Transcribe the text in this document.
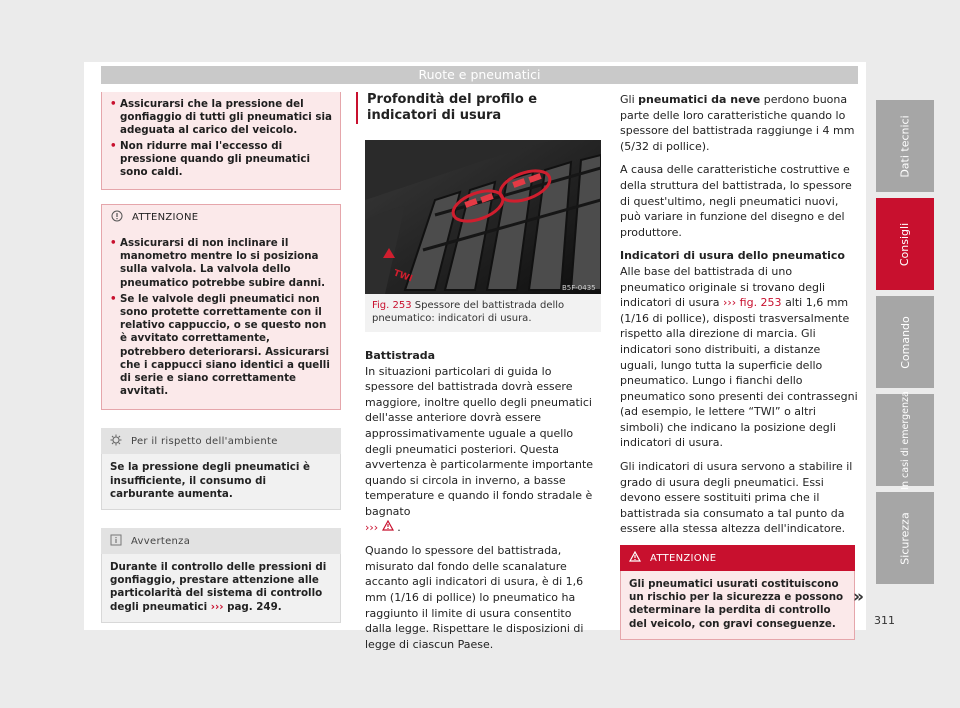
Ruote e pneumatici
• Assicurarsi che la pressione del gonfiaggio di tutti gli pneumatici sia adeguata al carico del veicolo.
• Non ridurre mai l'eccesso di pressione quando gli pneumatici sono caldi.
ATTENZIONE
• Assicurarsi di non inclinare il manometro mentre lo si posiziona sulla valvola. La valvola dello pneumatico potrebbe subire danni.
• Se le valvole degli pneumatici non sono protette correttamente con il relativo cappuccio, o se questo non è avvitato correttamente, potrebbero deteriorarsi. Assicurarsi che i cappucci siano identici a quelli di serie e siano correttamente avvitati.
Per il rispetto dell'ambiente
Se la pressione degli pneumatici è insufficiente, il consumo di carburante aumenta.
Avvertenza
Durante il controllo delle pressioni di gonfiaggio, prestare attenzione alle particolarità del sistema di controllo degli pneumatici ››› pag. 249.
Profondità del profilo e indicatori di usura
TWI
B5F-0435
Fig. 253 Spessore del battistrada dello pneumatico: indicatori di usura.
Battistrada

In situazioni particolari di guida lo spessore del battistrada dovrà essere maggiore, inoltre quello degli pneumatici dell'asse anteriore dovrà essere approssimativamente uguale a quello degli pneumatici posteriori. Questa avvertenza è particolarmente importante quando si circola in inverno, a basse temperature e quando il fondo stradale è bagnato
››› .

Quando lo spessore del battistrada, misurato dal fondo delle scanalature accanto agli indicatori di usura, è di 1,6 mm (1/16 di pollice) lo pneumatico ha raggiunto il limite di usura consentito dalla legge. Rispettare le disposizioni di legge di ciascun Paese.

Gli pneumatici da neve perdono buona parte delle loro caratteristiche quando lo spessore del battistrada raggiunge i 4 mm (5/32 di pollice).

A causa delle caratteristiche costruttive e della struttura del battistrada, lo spessore di quest'ultimo, negli pneumatici nuovi, può variare in funzione del disegno e del produttore.

Indicatori di usura dello pneumatico

Alle base del battistrada di uno pneumatico originale si trovano degli indicatori di usura ››› fig. 253 alti 1,6 mm (1/16 di pollice), disposti trasversalmente rispetto alla direzione di marcia. Gli indicatori sono distribuiti, a distanze uguali, lungo tutta la superficie dello pneumatico. Lungo i fianchi dello pneumatico sono presenti dei contrassegni (ad esempio, le lettere “TWI” o altri simboli) che indicano la posizione degli indicatori di usura.

Gli indicatori di usura servono a stabilire il grado di usura degli pneumatici. Essi devono essere sostituiti prima che il battistrada sia consumato a tal punto da essere alla stessa altezza dell'indicatore.

ATTENZIONE
Gli pneumatici usurati costituiscono un rischio per la sicurezza e possono determinare la perdita di controllo del veicolo, con gravi conseguenze.
»
Dati tecnici
Consigli
Comando
In casi di emergenza
Sicurezza
311
